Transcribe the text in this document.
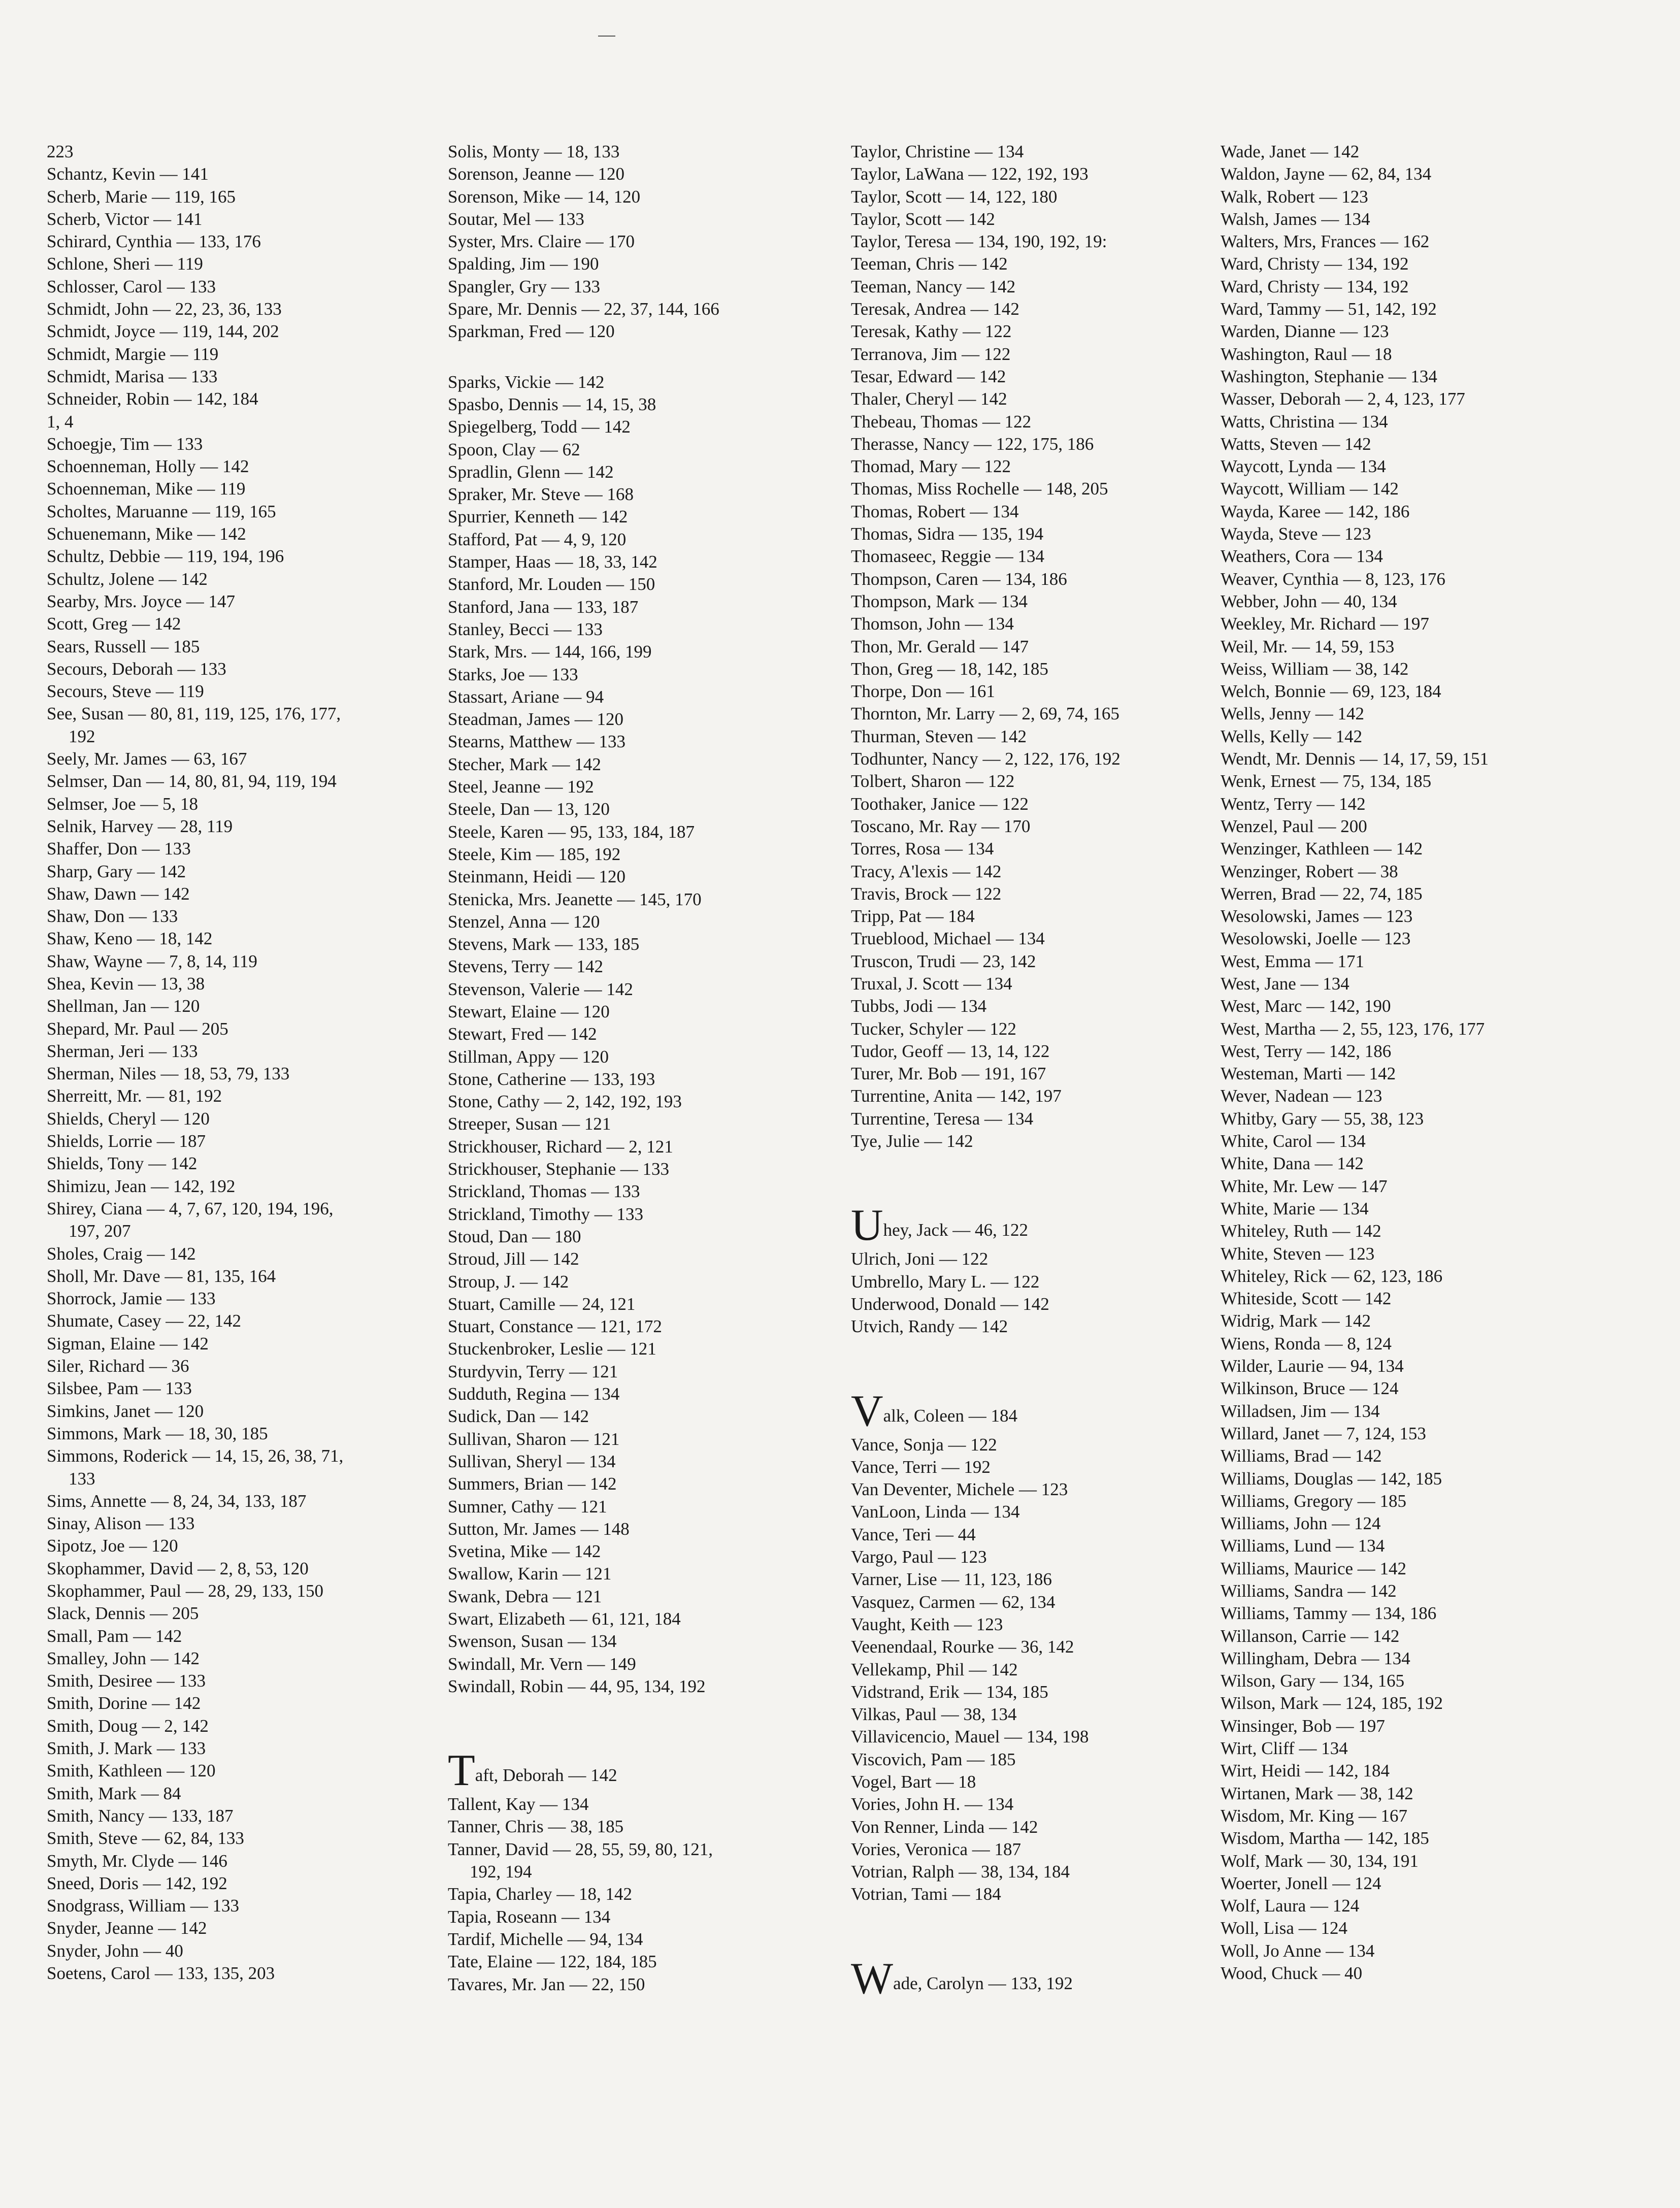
223
Schantz, Kevin — 141
Scherb, Marie — 119, 165
Scherb, Victor — 141
Schirard, Cynthia — 133, 176
Schlone, Sheri — 119
Schlosser, Carol — 133
Schmidt, John — 22, 23, 36, 133
Schmidt, Joyce — 119, 144, 202
Schmidt, Margie — 119
Schmidt, Marisa — 133
Schneider, Robin — 142, 184
1, 4
Schoegje, Tim — 133
Schoenneman, Holly — 142
Schoenneman, Mike — 119
Scholtes, Maruanne — 119, 165
Schuenemann, Mike — 142
Schultz, Debbie — 119, 194, 196
Schultz, Jolene — 142
Searby, Mrs. Joyce — 147
Scott, Greg — 142
Sears, Russell — 185
Secours, Deborah — 133
Secours, Steve — 119
See, Susan — 80, 81, 119, 125, 176, 177,
192
Seely, Mr. James — 63, 167
Selmser, Dan — 14, 80, 81, 94, 119, 194
Selmser, Joe — 5, 18
Selnik, Harvey — 28, 119
Shaffer, Don — 133
Sharp, Gary — 142
Shaw, Dawn — 142
Shaw, Don — 133
Shaw, Keno — 18, 142
Shaw, Wayne — 7, 8, 14, 119
Shea, Kevin — 13, 38
Shellman, Jan — 120
Shepard, Mr. Paul — 205
Sherman, Jeri — 133
Sherman, Niles — 18, 53, 79, 133
Sherreitt, Mr. — 81, 192
Shields, Cheryl — 120
Shields, Lorrie — 187
Shields, Tony — 142
Shimizu, Jean — 142, 192
Shirey, Ciana — 4, 7, 67, 120, 194, 196,
197, 207
Sholes, Craig — 142
Sholl, Mr. Dave — 81, 135, 164
Shorrock, Jamie — 133
Shumate, Casey — 22, 142
Sigman, Elaine — 142
Siler, Richard — 36
Silsbee, Pam — 133
Simkins, Janet — 120
Simmons, Mark — 18, 30, 185
Simmons, Roderick — 14, 15, 26, 38, 71,
133
Sims, Annette — 8, 24, 34, 133, 187
Sinay, Alison — 133
Sipotz, Joe — 120
Skophammer, David — 2, 8, 53, 120
Skophammer, Paul — 28, 29, 133, 150
Slack, Dennis — 205
Small, Pam — 142
Smalley, John — 142
Smith, Desiree — 133
Smith, Dorine — 142
Smith, Doug — 2, 142
Smith, J. Mark — 133
Smith, Kathleen — 120
Smith, Mark — 84
Smith, Nancy — 133, 187
Smith, Steve — 62, 84, 133
Smyth, Mr. Clyde — 146
Sneed, Doris — 142, 192
Snodgrass, William — 133
Snyder, Jeanne — 142
Snyder, John — 40
Soetens, Carol — 133, 135, 203
Solis, Monty — 18, 133
Sorenson, Jeanne — 120
Sorenson, Mike — 14, 120
Soutar, Mel — 133
Syster, Mrs. Claire — 170
Spalding, Jim — 190
Spangler, Gry — 133
Spare, Mr. Dennis — 22, 37, 144, 166
Sparkman, Fred — 120
Sparks, Vickie — 142
Spasbo, Dennis — 14, 15, 38
Spiegelberg, Todd — 142
Spoon, Clay — 62
Spradlin, Glenn — 142
Spraker, Mr. Steve — 168
Spurrier, Kenneth — 142
Stafford, Pat — 4, 9, 120
Stamper, Haas — 18, 33, 142
Stanford, Mr. Louden — 150
Stanford, Jana — 133, 187
Stanley, Becci — 133
Stark, Mrs. — 144, 166, 199
Starks, Joe — 133
Stassart, Ariane — 94
Steadman, James — 120
Stearns, Matthew — 133
Stecher, Mark — 142
Steel, Jeanne — 192
Steele, Dan — 13, 120
Steele, Karen — 95, 133, 184, 187
Steele, Kim — 185, 192
Steinmann, Heidi — 120
Stenicka, Mrs. Jeanette — 145, 170
Stenzel, Anna — 120
Stevens, Mark — 133, 185
Stevens, Terry — 142
Stevenson, Valerie — 142
Stewart, Elaine — 120
Stewart, Fred — 142
Stillman, Appy — 120
Stone, Catherine — 133, 193
Stone, Cathy — 2, 142, 192, 193
Streeper, Susan — 121
Strickhouser, Richard — 2, 121
Strickhouser, Stephanie — 133
Strickland, Thomas — 133
Strickland, Timothy — 133
Stoud, Dan — 180
Stroud, Jill — 142
Stroup, J. — 142
Stuart, Camille — 24, 121
Stuart, Constance — 121, 172
Stuckenbroker, Leslie — 121
Sturdyvin, Terry — 121
Sudduth, Regina — 134
Sudick, Dan — 142
Sullivan, Sharon — 121
Sullivan, Sheryl — 134
Summers, Brian — 142
Sumner, Cathy — 121
Sutton, Mr. James — 148
Svetina, Mike — 142
Swallow, Karin — 121
Swank, Debra — 121
Swart, Elizabeth — 61, 121, 184
Swenson, Susan — 134
Swindall, Mr. Vern — 149
Swindall, Robin — 44, 95, 134, 192
Taft, Deborah — 142
Tallent, Kay — 134
Tanner, Chris — 38, 185
Tanner, David — 28, 55, 59, 80, 121,
192, 194
Tapia, Charley — 18, 142
Tapia, Roseann — 134
Tardif, Michelle — 94, 134
Tate, Elaine — 122, 184, 185
Tavares, Mr. Jan — 22, 150
Taylor, Christine — 134
Taylor, LaWana — 122, 192, 193
Taylor, Scott — 14, 122, 180
Taylor, Scott — 142
Taylor, Teresa — 134, 190, 192, 19:
Teeman, Chris — 142
Teeman, Nancy — 142
Teresak, Andrea — 142
Teresak, Kathy — 122
Terranova, Jim — 122
Tesar, Edward — 142
Thaler, Cheryl — 142
Thebeau, Thomas — 122
Therasse, Nancy — 122, 175, 186
Thomad, Mary — 122
Thomas, Miss Rochelle — 148, 205
Thomas, Robert — 134
Thomas, Sidra — 135, 194
Thomaseec, Reggie — 134
Thompson, Caren — 134, 186
Thompson, Mark — 134
Thomson, John — 134
Thon, Mr. Gerald — 147
Thon, Greg — 18, 142, 185
Thorpe, Don — 161
Thornton, Mr. Larry — 2, 69, 74, 165
Thurman, Steven — 142
Todhunter, Nancy — 2, 122, 176, 192
Tolbert, Sharon — 122
Toothaker, Janice — 122
Toscano, Mr. Ray — 170
Torres, Rosa — 134
Tracy, A'lexis — 142
Travis, Brock — 122
Tripp, Pat — 184
Trueblood, Michael — 134
Truscon, Trudi — 23, 142
Truxal, J. Scott — 134
Tubbs, Jodi — 134
Tucker, Schyler — 122
Tudor, Geoff — 13, 14, 122
Turer, Mr. Bob — 191, 167
Turrentine, Anita — 142, 197
Turrentine, Teresa — 134
Tye, Julie — 142
Uhey, Jack — 46, 122
Ulrich, Joni — 122
Umbrello, Mary L. — 122
Underwood, Donald — 142
Utvich, Randy — 142
Valk, Coleen — 184
Vance, Sonja — 122
Vance, Terri — 192
Van Deventer, Michele — 123
VanLoon, Linda — 134
Vance, Teri — 44
Vargo, Paul — 123
Varner, Lise — 11, 123, 186
Vasquez, Carmen — 62, 134
Vaught, Keith — 123
Veenendaal, Rourke — 36, 142
Vellekamp, Phil — 142
Vidstrand, Erik — 134, 185
Vilkas, Paul — 38, 134
Villavicencio, Mauel — 134, 198
Viscovich, Pam — 185
Vogel, Bart — 18
Vories, John H. — 134
Von Renner, Linda — 142
Vories, Veronica — 187
Votrian, Ralph — 38, 134, 184
Votrian, Tami — 184
Wade, Carolyn — 133, 192
Wade, Janet — 142
Waldon, Jayne — 62, 84, 134
Walk, Robert — 123
Walsh, James — 134
Walters, Mrs, Frances — 162
Ward, Christy — 134, 192
Ward, Christy — 134, 192
Ward, Tammy — 51, 142, 192
Warden, Dianne — 123
Washington, Raul — 18
Washington, Stephanie — 134
Wasser, Deborah — 2, 4, 123, 177
Watts, Christina — 134
Watts, Steven — 142
Waycott, Lynda — 134
Waycott, William — 142
Wayda, Karee — 142, 186
Wayda, Steve — 123
Weathers, Cora — 134
Weaver, Cynthia — 8, 123, 176
Webber, John — 40, 134
Weekley, Mr. Richard — 197
Weil, Mr. — 14, 59, 153
Weiss, William — 38, 142
Welch, Bonnie — 69, 123, 184
Wells, Jenny — 142
Wells, Kelly — 142
Wendt, Mr. Dennis — 14, 17, 59, 151
Wenk, Ernest — 75, 134, 185
Wentz, Terry — 142
Wenzel, Paul — 200
Wenzinger, Kathleen — 142
Wenzinger, Robert — 38
Werren, Brad — 22, 74, 185
Wesolowski, James — 123
Wesolowski, Joelle — 123
West, Emma — 171
West, Jane — 134
West, Marc — 142, 190
West, Martha — 2, 55, 123, 176, 177
West, Terry — 142, 186
Westeman, Marti — 142
Wever, Nadean — 123
Whitby, Gary — 55, 38, 123
White, Carol — 134
White, Dana — 142
White, Mr. Lew — 147
White, Marie — 134
Whiteley, Ruth — 142
White, Steven — 123
Whiteley, Rick — 62, 123, 186
Whiteside, Scott — 142
Widrig, Mark — 142
Wiens, Ronda — 8, 124
Wilder, Laurie — 94, 134
Wilkinson, Bruce — 124
Willadsen, Jim — 134
Willard, Janet — 7, 124, 153
Williams, Brad — 142
Williams, Douglas — 142, 185
Williams, Gregory — 185
Williams, John — 124
Williams, Lund — 134
Williams, Maurice — 142
Williams, Sandra — 142
Williams, Tammy — 134, 186
Willanson, Carrie — 142
Willingham, Debra — 134
Wilson, Gary — 134, 165
Wilson, Mark — 124, 185, 192
Winsinger, Bob — 197
Wirt, Cliff — 134
Wirt, Heidi — 142, 184
Wirtanen, Mark — 38, 142
Wisdom, Mr. King — 167
Wisdom, Martha — 142, 185
Wolf, Mark — 30, 134, 191
Woerter, Jonell — 124
Wolf, Laura — 124
Woll, Lisa — 124
Woll, Jo Anne — 134
Wood, Chuck — 40
